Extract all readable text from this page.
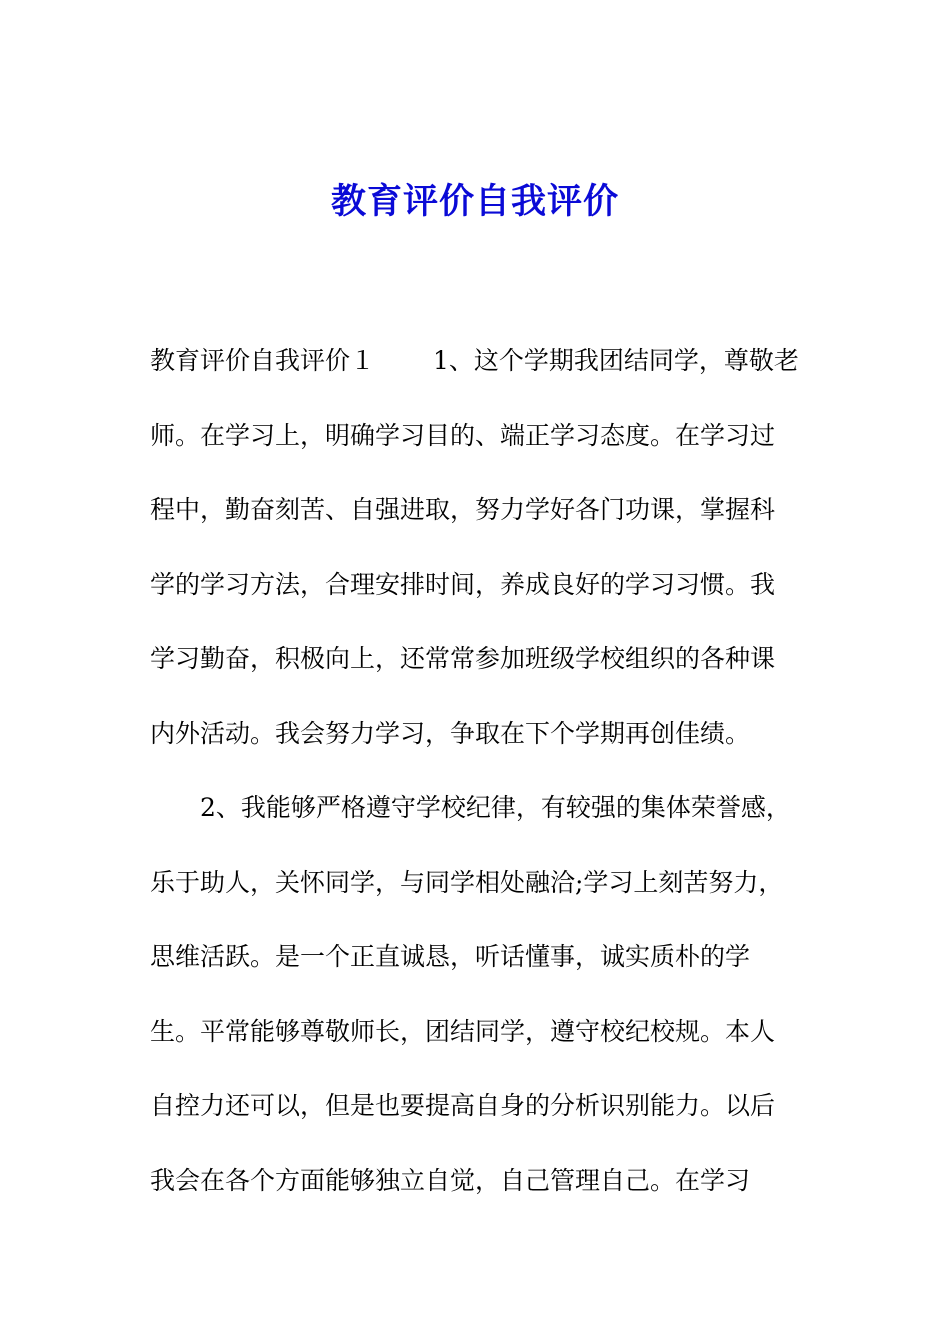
教育评价自我评价
教育评价自我评价１ 1、这个学期我团结同学，尊敬老
师。在学习上，明确学习目的、端正学习态度。在学习过
程中，勤奋刻苦、自强进取，努力学好各门功课，掌握科
学的学习方法，合理安排时间，养成良好的学习习惯。我
学习勤奋，积极向上，还常常参加班级学校组织的各种课
内外活动。我会努力学习，争取在下个学期再创佳绩。
2、我能够严格遵守学校纪律，有较强的集体荣誉感，
乐于助人，关怀同学，与同学相处融洽;学习上刻苦努力，
思维活跃。是一个正直诚恳，听话懂事，诚实质朴的学
生。平常能够尊敬师长，团结同学，遵守校纪校规。本人
自控力还可以，但是也要提高自身的分析识别能力。以后
我会在各个方面能够独立自觉，自己管理自己。在学习
